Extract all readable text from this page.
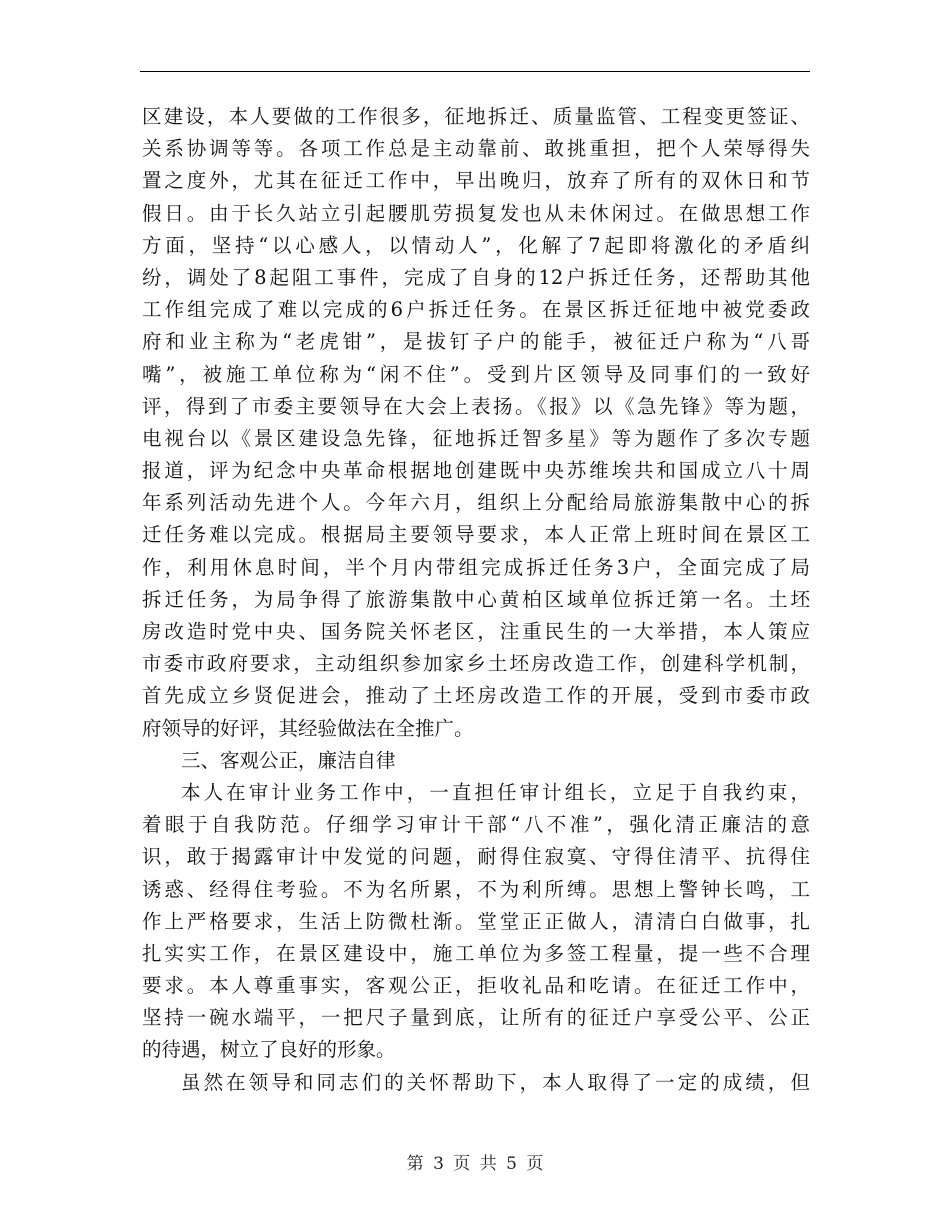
区建设，本人要做的工作很多，征地拆迁、质量监管、工程变更签证、
关系协调等等。各项工作总是主动靠前、敢挑重担，把个人荣辱得失
置之度外，尤其在征迁工作中，早出晚归，放弃了所有的双休日和节
假日。由于长久站立引起腰肌劳损复发也从未休闲过。在做思想工作
方面，坚持“以心感人，以情动人”，化解了7起即将激化的矛盾纠
纷，调处了8起阻工事件，完成了自身的12户拆迁任务，还帮助其他
工作组完成了难以完成的6户拆迁任务。在景区拆迁征地中被党委政
府和业主称为“老虎钳”，是拔钉子户的能手，被征迁户称为“八哥
嘴”，被施工单位称为“闲不住”。受到片区领导及同事们的一致好
评，得到了市委主要领导在大会上表扬。《报》以《急先锋》等为题，
电视台以《景区建设急先锋，征地拆迁智多星》等为题作了多次专题
报道，评为纪念中央革命根据地创建既中央苏维埃共和国成立八十周
年系列活动先进个人。今年六月，组织上分配给局旅游集散中心的拆
迁任务难以完成。根据局主要领导要求，本人正常上班时间在景区工
作，利用休息时间，半个月内带组完成拆迁任务3户，全面完成了局
拆迁任务，为局争得了旅游集散中心黄柏区域单位拆迁第一名。土坯
房改造时党中央、国务院关怀老区，注重民生的一大举措，本人策应
市委市政府要求，主动组织参加家乡土坯房改造工作，创建科学机制，
首先成立乡贤促进会，推动了土坯房改造工作的开展，受到市委市政
府领导的好评，其经验做法在全推广。
三、客观公正，廉洁自律
本人在审计业务工作中，一直担任审计组长，立足于自我约束，
着眼于自我防范。仔细学习审计干部“八不准”，强化清正廉洁的意
识，敢于揭露审计中发觉的问题，耐得住寂寞、守得住清平、抗得住
诱惑、经得住考验。不为名所累，不为利所缚。思想上警钟长鸣，工
作上严格要求，生活上防微杜渐。堂堂正正做人，清清白白做事，扎
扎实实工作，在景区建设中，施工单位为多签工程量，提一些不合理
要求。本人尊重事实，客观公正，拒收礼品和吃请。在征迁工作中，
坚持一碗水端平，一把尺子量到底，让所有的征迁户享受公平、公正
的待遇，树立了良好的形象。
虽然在领导和同志们的关怀帮助下，本人取得了一定的成绩，但
第 3 页 共 5 页
